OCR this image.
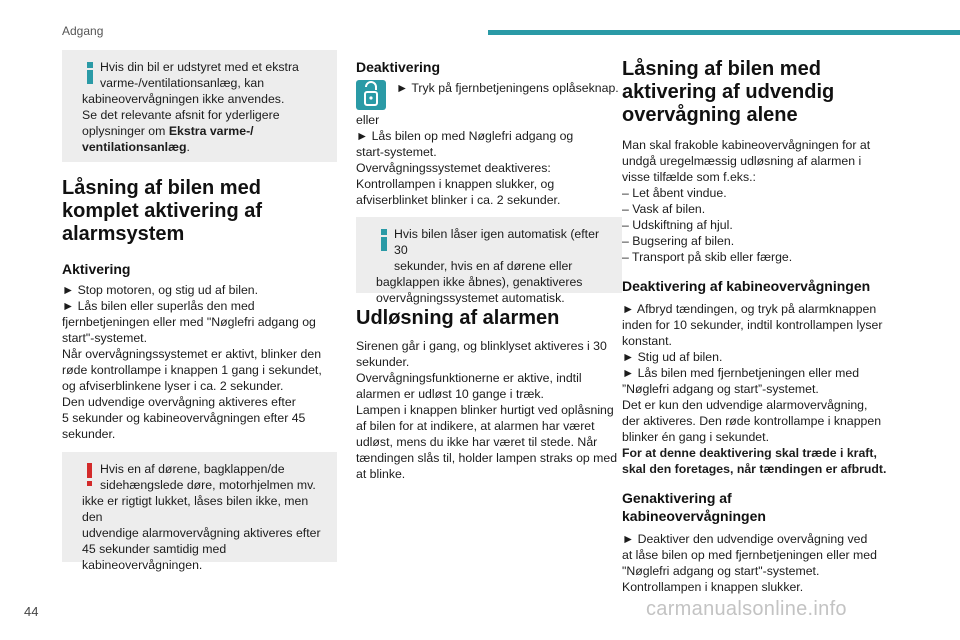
Adgang
Hvis din bil er udstyret med et ekstra
varme-/ventilationsanlæg, kan
kabineovervågningen ikke anvendes.
Se det relevante afsnit for yderligere
oplysninger om Ekstra varme-/ ventilationsanlæg.
Låsning af bilen med komplet aktivering af alarmsystem
Aktivering
► Stop motoren, og stig ud af bilen.
► Lås bilen eller superlås den med
fjernbetjeningen eller med "Nøglefri adgang og
start"-systemet.
Når overvågningssystemet er aktivt, blinker den
røde kontrollampe i knappen 1 gang i sekundet,
og afviserblinkene lyser i ca. 2 sekunder.
Den udvendige overvågning aktiveres efter
5 sekunder og kabineovervågningen efter 45
sekunder.
Hvis en af dørene, bagklappen/de
sidehængslede døre, motorhjelmen mv.
ikke er rigtigt lukket, låses bilen ikke, men den
udvendige alarmovervågning aktiveres efter
45 sekunder samtidig med
kabineovervågningen.
Deaktivering
► Tryk på fjernbetjeningens oplåseknap.
eller
► Lås bilen op med Nøglefri adgang og
start-systemet.
Overvågningssystemet deaktiveres:
Kontrollampen i knappen slukker, og
afviserblinket blinker i ca. 2 sekunder.
Hvis bilen låser igen automatisk (efter 30
sekunder, hvis en af dørene eller
bagklappen ikke åbnes), genaktiveres
overvågningssystemet automatisk.
Udløsning af alarmen
Sirenen går i gang, og blinklyset aktiveres i 30
sekunder.
Overvågningsfunktionerne er aktive, indtil
alarmen er udløst 10 gange i træk.
Lampen i knappen blinker hurtigt ved oplåsning
af bilen for at indikere, at alarmen har været
udløst, mens du ikke har været til stede. Når
tændingen slås til, holder lampen straks op med
at blinke.
Låsning af bilen med aktivering af udvendig overvågning alene
Man skal frakoble kabineovervågningen for at
undgå uregelmæssig udløsning af alarmen i
visse tilfælde som f.eks.:
– Let åbent vindue.
– Vask af bilen.
– Udskiftning af hjul.
– Bugsering af bilen.
– Transport på skib eller færge.
Deaktivering af kabineovervågningen
► Afbryd tændingen, og tryk på alarmknappen
inden for 10 sekunder, indtil kontrollampen lyser
konstant.
► Stig ud af bilen.
► Lås bilen med fjernbetjeningen eller med
”Nøglefri adgang og start”-systemet.
Det er kun den udvendige alarmovervågning,
der aktiveres. Den røde kontrollampe i knappen
blinker én gang i sekundet.
For at denne deaktivering skal træde i kraft,
skal den foretages, når tændingen er afbrudt.
Genaktivering af kabineovervågningen
► Deaktiver den udvendige overvågning ved
at låse bilen op med fjernbetjeningen eller med
"Nøglefri adgang og start"-systemet.
Kontrollampen i knappen slukker.
44	carmanualsonline.info
